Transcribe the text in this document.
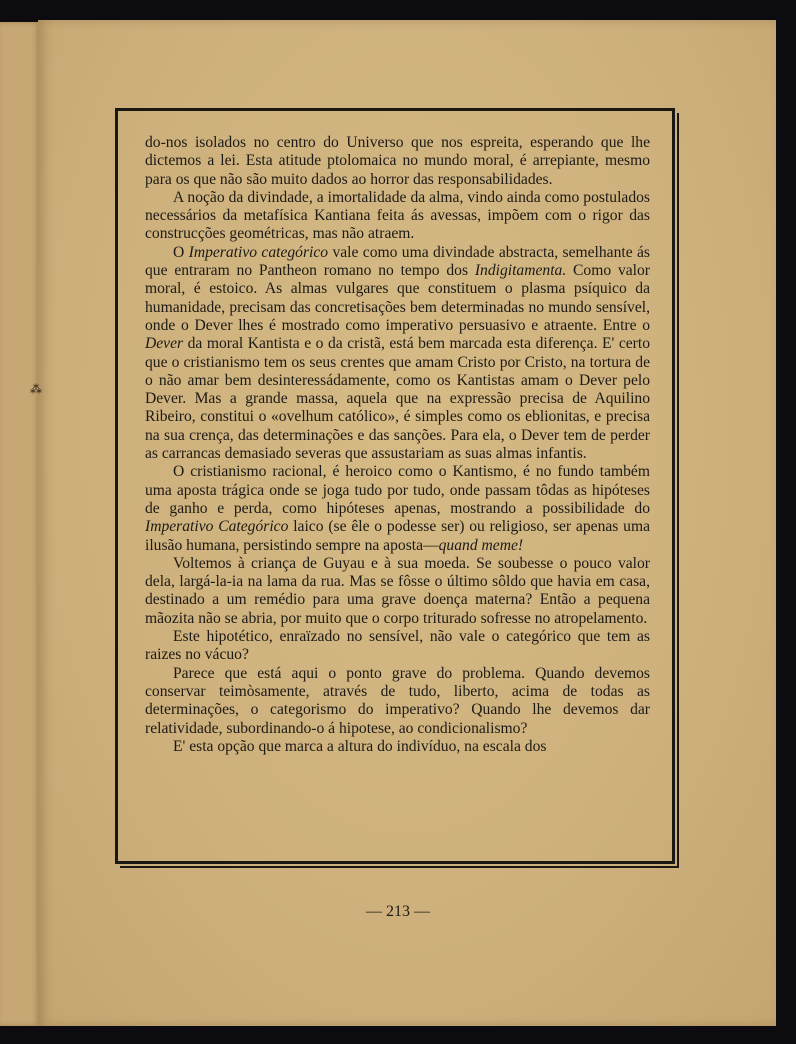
⁂

do-nos isolados no centro do Universo que nos espreita, esperando que lhe dictemos a lei. Esta atitude ptolomaica no mundo moral, é arrepiante, mesmo para os que não são muito dados ao horror das responsabilidades.

A noção da divindade, a imortalidade da alma, vindo ainda como postulados necessários da metafísica Kantiana feita ás avessas, impõem com o rigor das construcções geométricas, mas não atraem.

O Imperativo categórico vale como uma divindade abstracta, semelhante ás que entraram no Pantheon romano no tempo dos Indigitamenta. Como valor moral, é estoico. As almas vulgares que constituem o plasma psíquico da humanidade, precisam das concretisações bem determinadas no mundo sensível, onde o Dever lhes é mostrado como imperativo persuasivo e atraente. Entre o Dever da moral Kantista e o da cristã, está bem marcada esta diferença. E' certo que o cristianismo tem os seus crentes que amam Cristo por Cristo, na tortura de o não amar bem desinteressádamente, como os Kantistas amam o Dever pelo Dever. Mas a grande massa, aquela que na expressão precisa de Aquilino Ribeiro, constitui o «ovelhum católico», é simples como os eblionitas, e precisa na sua crença, das determinações e das sanções. Para ela, o Dever tem de perder as carrancas demasiado severas que assustariam as suas almas infantis.

O cristianismo racional, é heroico como o Kantismo, é no fundo também uma aposta trágica onde se joga tudo por tudo, onde passam tôdas as hipóteses de ganho e perda, como hipóteses apenas, mostrando a possibilidade do Imperativo Categórico laico (se êle o podesse ser) ou religioso, ser apenas uma ilusão humana, persistindo sempre na aposta—quand meme!

Voltemos à criança de Guyau e à sua moeda. Se soubesse o pouco valor dela, largá-la-ia na lama da rua. Mas se fôsse o último sôldo que havia em casa, destinado a um remédio para uma grave doença materna? Então a pequena mãozita não se abria, por muito que o corpo triturado sofresse no atropelamento.

Este hipotético, enraïzado no sensível, não vale o categórico que tem as raizes no vácuo?

Parece que está aqui o ponto grave do problema. Quando devemos conservar teimòsamente, através de tudo, liberto, acima de todas as determinações, o categorismo do imperativo? Quando lhe devemos dar relatividade, subordinando-o á hipotese, ao condicionalismo?

E' esta opção que marca a altura do indivíduo, na escala dos

— 213 —
